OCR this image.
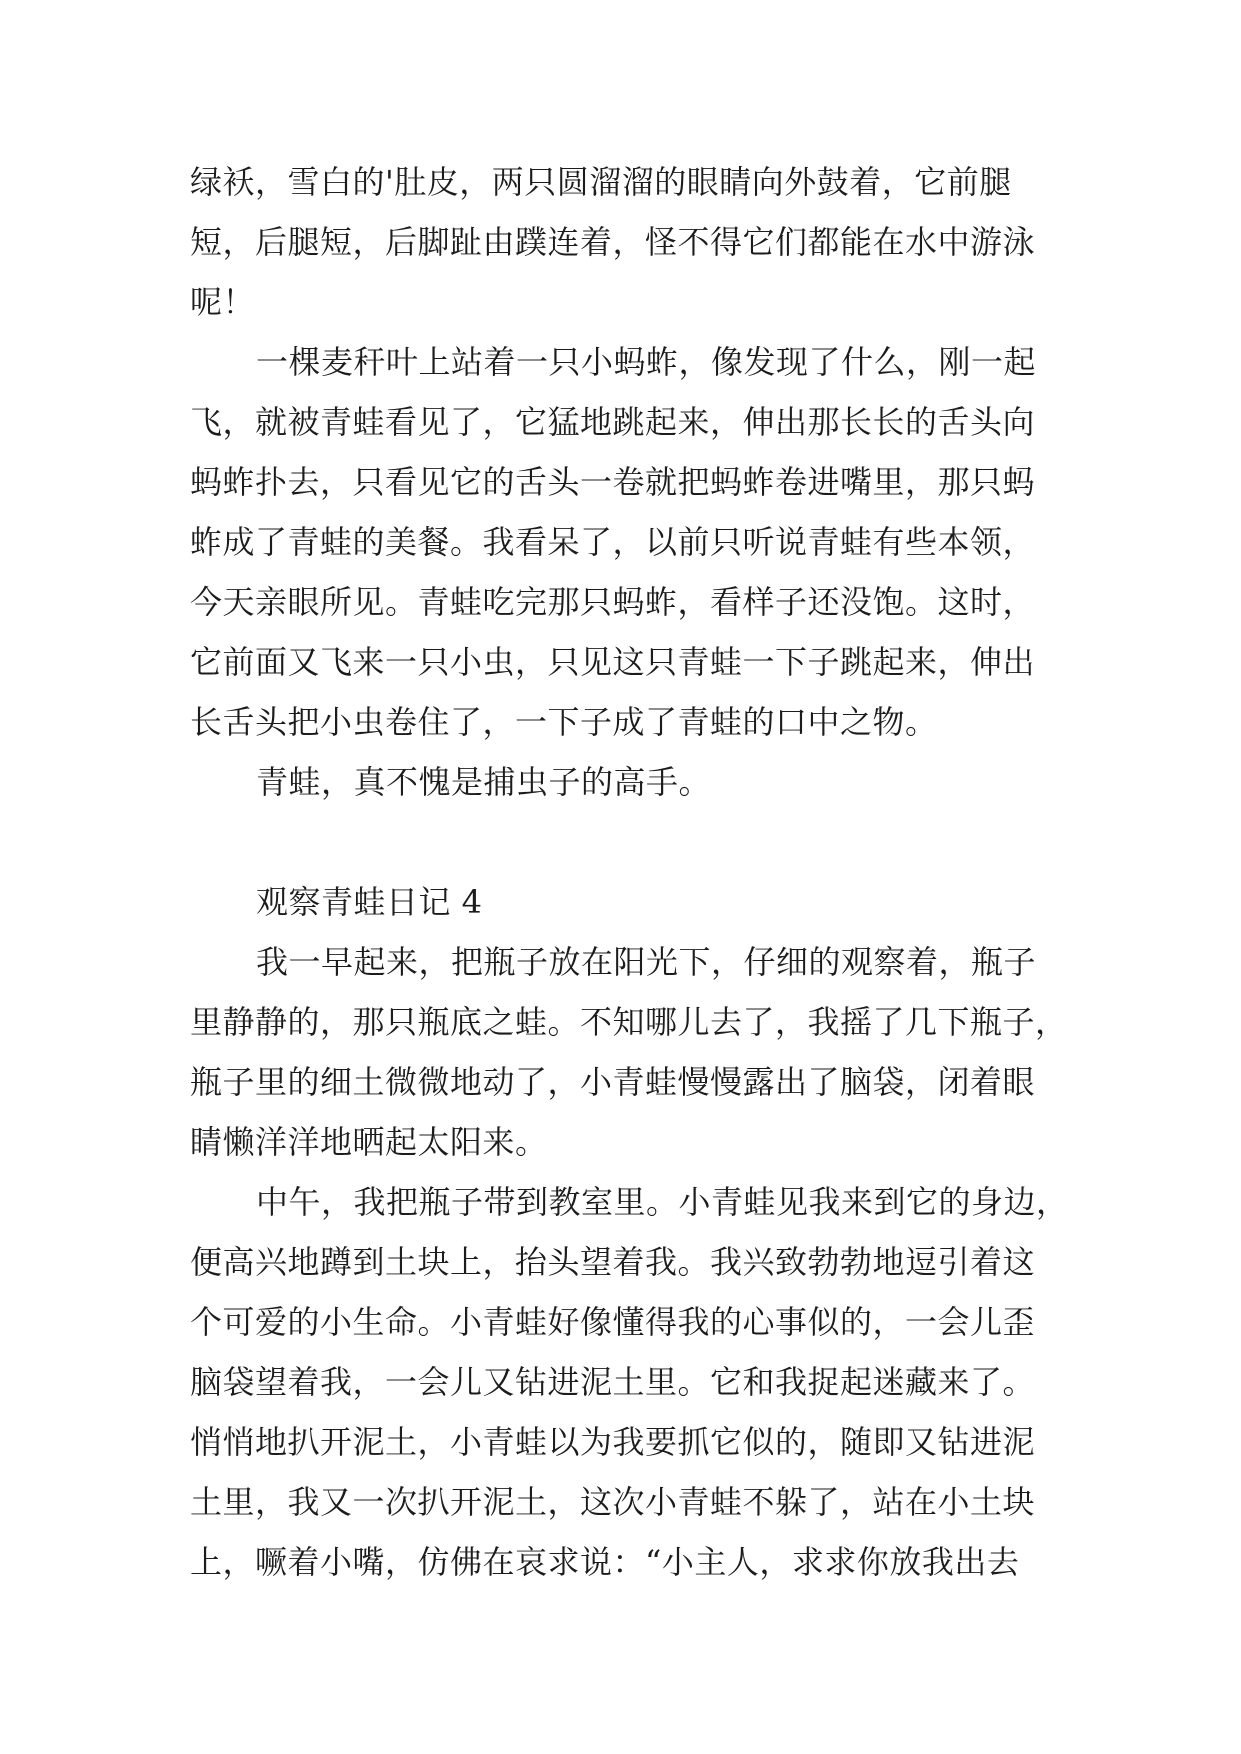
绿袄，雪白的'肚皮，两只圆溜溜的眼睛向外鼓着，它前腿
短，后腿短，后脚趾由蹼连着，怪不得它们都能在水中游泳
呢！
一棵麦秆叶上站着一只小蚂蚱，像发现了什么，刚一起
飞，就被青蛙看见了，它猛地跳起来，伸出那长长的舌头向
蚂蚱扑去，只看见它的舌头一卷就把蚂蚱卷进嘴里，那只蚂
蚱成了青蛙的美餐。我看呆了，以前只听说青蛙有些本领，
今天亲眼所见。青蛙吃完那只蚂蚱，看样子还没饱。这时，
它前面又飞来一只小虫，只见这只青蛙一下子跳起来，伸出
长舌头把小虫卷住了，一下子成了青蛙的口中之物。
青蛙，真不愧是捕虫子的高手。
观察青蛙日记 4
我一早起来，把瓶子放在阳光下，仔细的观察着，瓶子
里静静的，那只瓶底之蛙。不知哪儿去了，我摇了几下瓶子，
瓶子里的细土微微地动了，小青蛙慢慢露出了脑袋，闭着眼
睛懒洋洋地晒起太阳来。
中午，我把瓶子带到教室里。小青蛙见我来到它的身边，
便高兴地蹲到土块上，抬头望着我。我兴致勃勃地逗引着这
个可爱的小生命。小青蛙好像懂得我的心事似的，一会儿歪
脑袋望着我，一会儿又钻进泥土里。它和我捉起迷藏来了。
悄悄地扒开泥土，小青蛙以为我要抓它似的，随即又钻进泥
土里，我又一次扒开泥土，这次小青蛙不躲了，站在小土块
上，噘着小嘴，仿佛在哀求说：“小主人，求求你放我出去
